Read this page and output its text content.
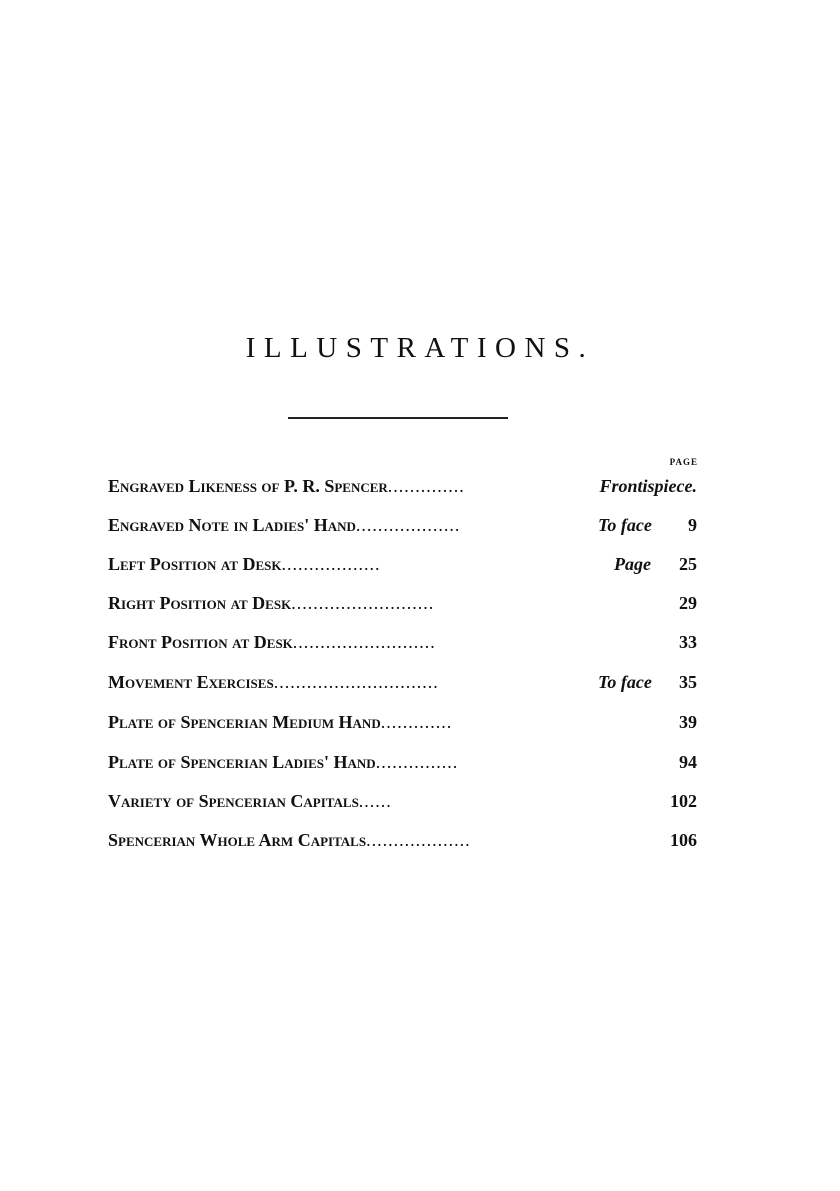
ILLUSTRATIONS.
PAGE
Engraved Likeness of P. R. Spencer..............	Frontispiece.
Engraved Note in Ladies' Hand...................	To face 9
Left Position at Desk..................	Page 25
Right Position at Desk..........................	29
Front Position at Desk..........................	33
Movement Exercises..............................	To face 35
Plate of Spencerian Medium Hand.............	39
Plate of Spencerian Ladies' Hand...............	94
Variety of Spencerian Capitals......	102
Spencerian Whole Arm Capitals...................	106
